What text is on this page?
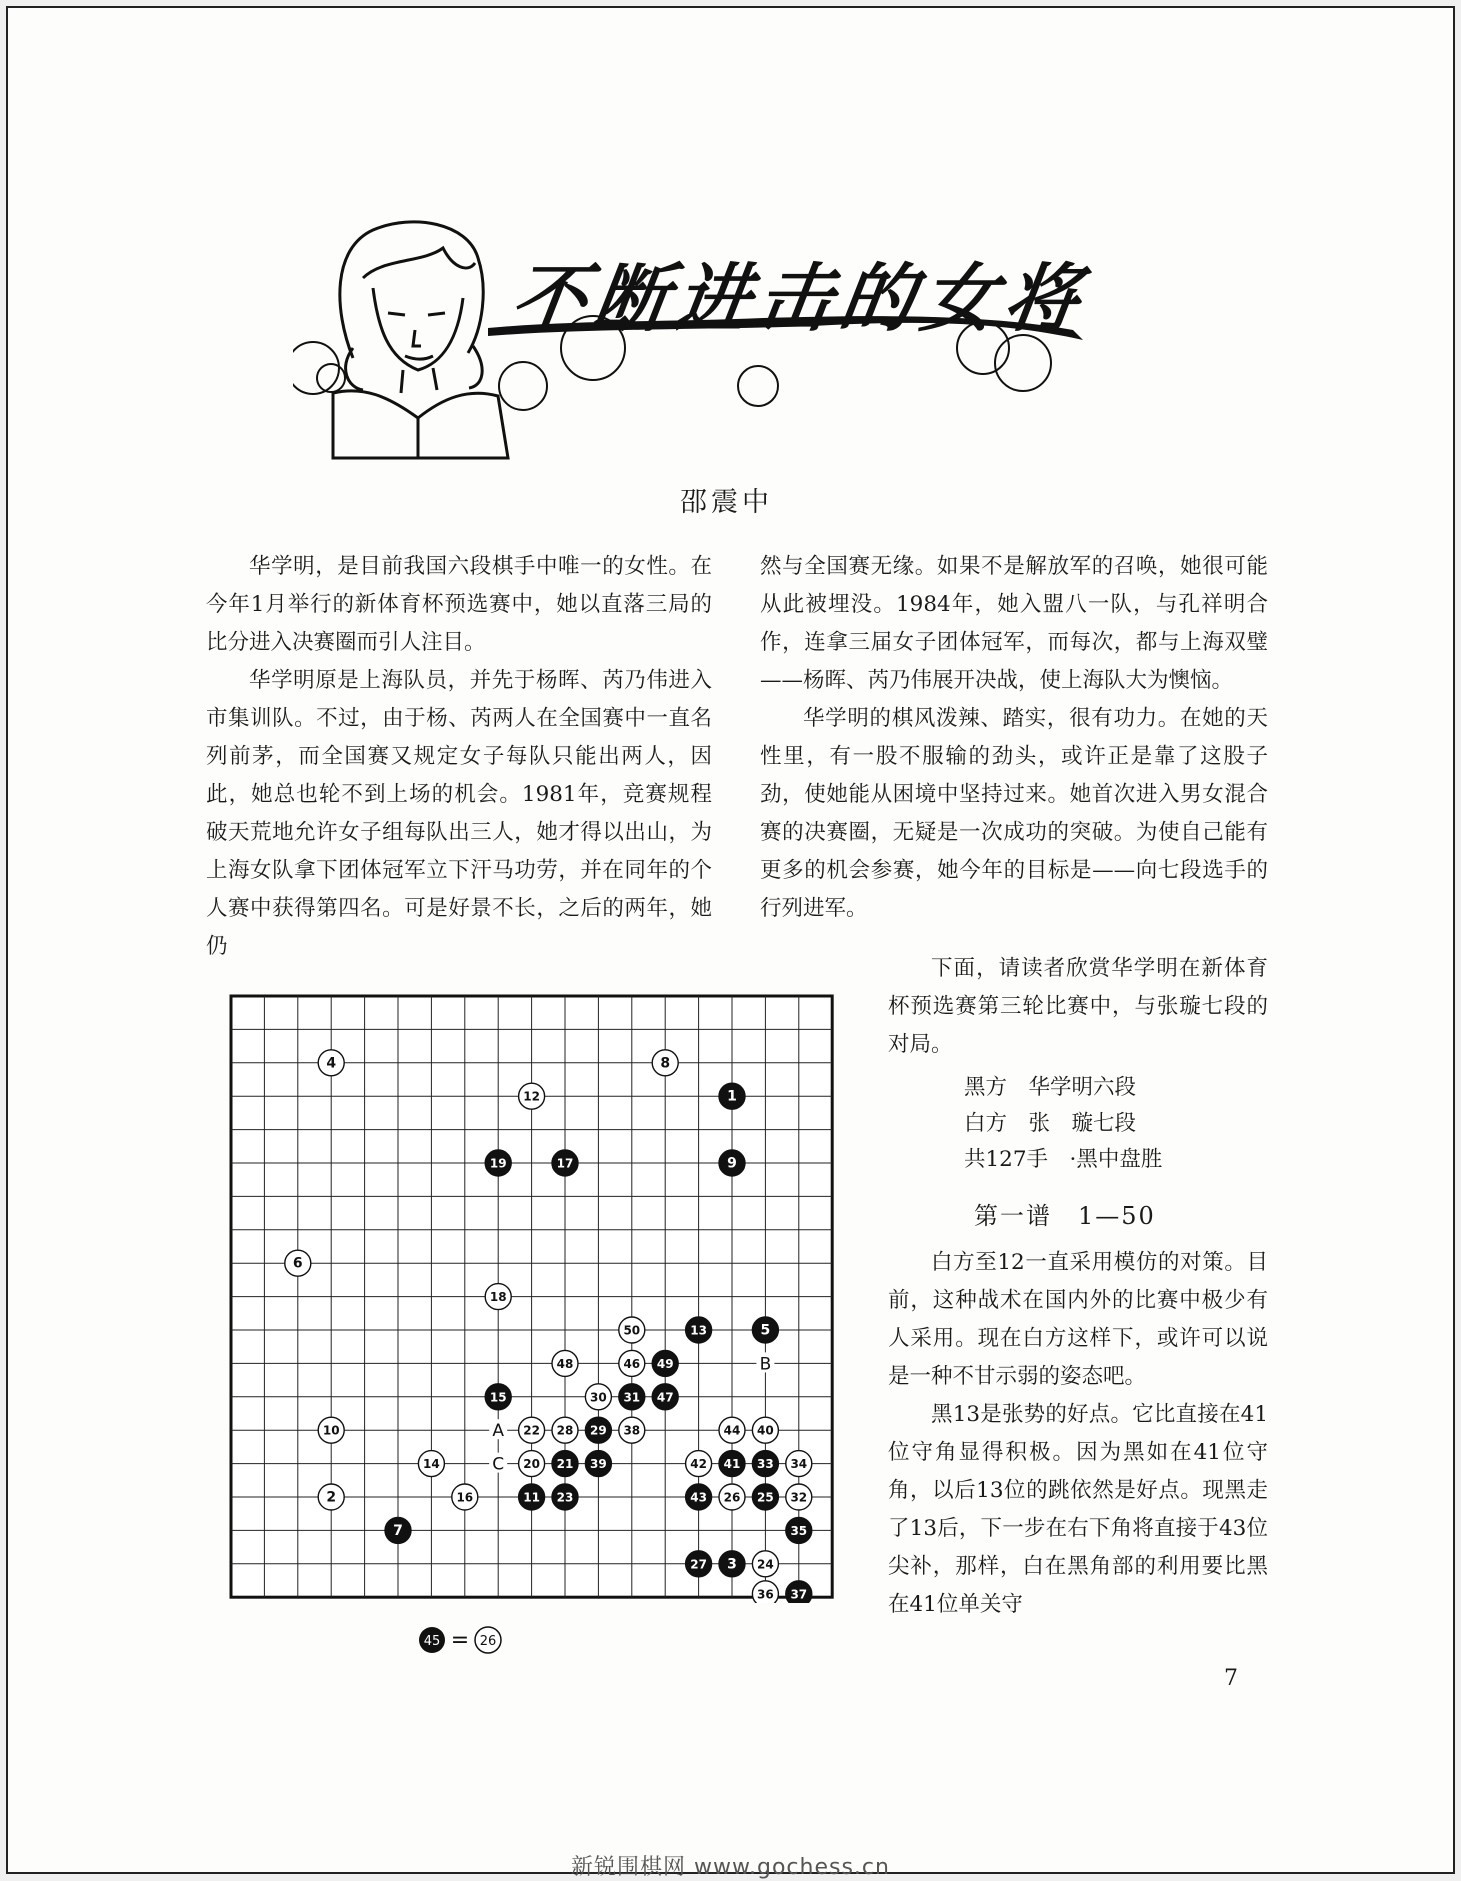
不断进击的女将
邵震中

华学明，是目前我国六段棋手中唯一的女性。在今年1月举行的新体育杯预选赛中，她以直落三局的比分进入决赛圈而引人注目。

华学明原是上海队员，并先于杨晖、芮乃伟进入市集训队。不过，由于杨、芮两人在全国赛中一直名列前茅，而全国赛又规定女子每队只能出两人，因此，她总也轮不到上场的机会。1981年，竞赛规程破天荒地允许女子组每队出三人，她才得以出山，为上海女队拿下团体冠军立下汗马功劳，并在同年的个人赛中获得第四名。可是好景不长，之后的两年，她仍

然与全国赛无缘。如果不是解放军的召唤，她很可能从此被埋没。1984年，她入盟八一队，与孔祥明合作，连拿三届女子团体冠军，而每次，都与上海双璧——杨晖、芮乃伟展开决战，使上海队大为懊恼。

华学明的棋风泼辣、踏实，很有功力。在她的天性里，有一股不服输的劲头，或许正是靠了这股子劲，使她能从困境中坚持过来。她首次进入男女混合赛的决赛圈，无疑是一次成功的突破。为使自己能有更多的机会参赛，她今年的目标是——向七段选手的行列进军。

下面，请读者欣赏华学明在新体育杯预选赛第三轮比赛中，与张璇七段的对局。

黑方　华学明六段
白方　张　璇七段
共127手　·黑中盘胜
第一谱　1—50

白方至12一直采用模仿的对策。目前，这种战术在国内外的比赛中极少有人采用。现在白方这样下，或许可以说是一种不甘示弱的姿态吧。

黑13是张势的好点。它比直接在41位守角显得积极。因为黑如在41位守角，以后13位的跳依然是好点。现黑走了13后，下一步在右下角将直接于43位尖补，那样，白在黑角部的利用要比黑在41位单关守

1
2
3
4
5
6
7
8
9
10
11
12
13
14
15
16
17
18
19
20 21
22
23
24
25
26
27
28 29
30 31
32
33 34
35
36 37
38
39
40
41
42
43
44
46
47
48	49
50
A
B
C
45 = 26
7
新锐围棋网 www.gochess.cn
